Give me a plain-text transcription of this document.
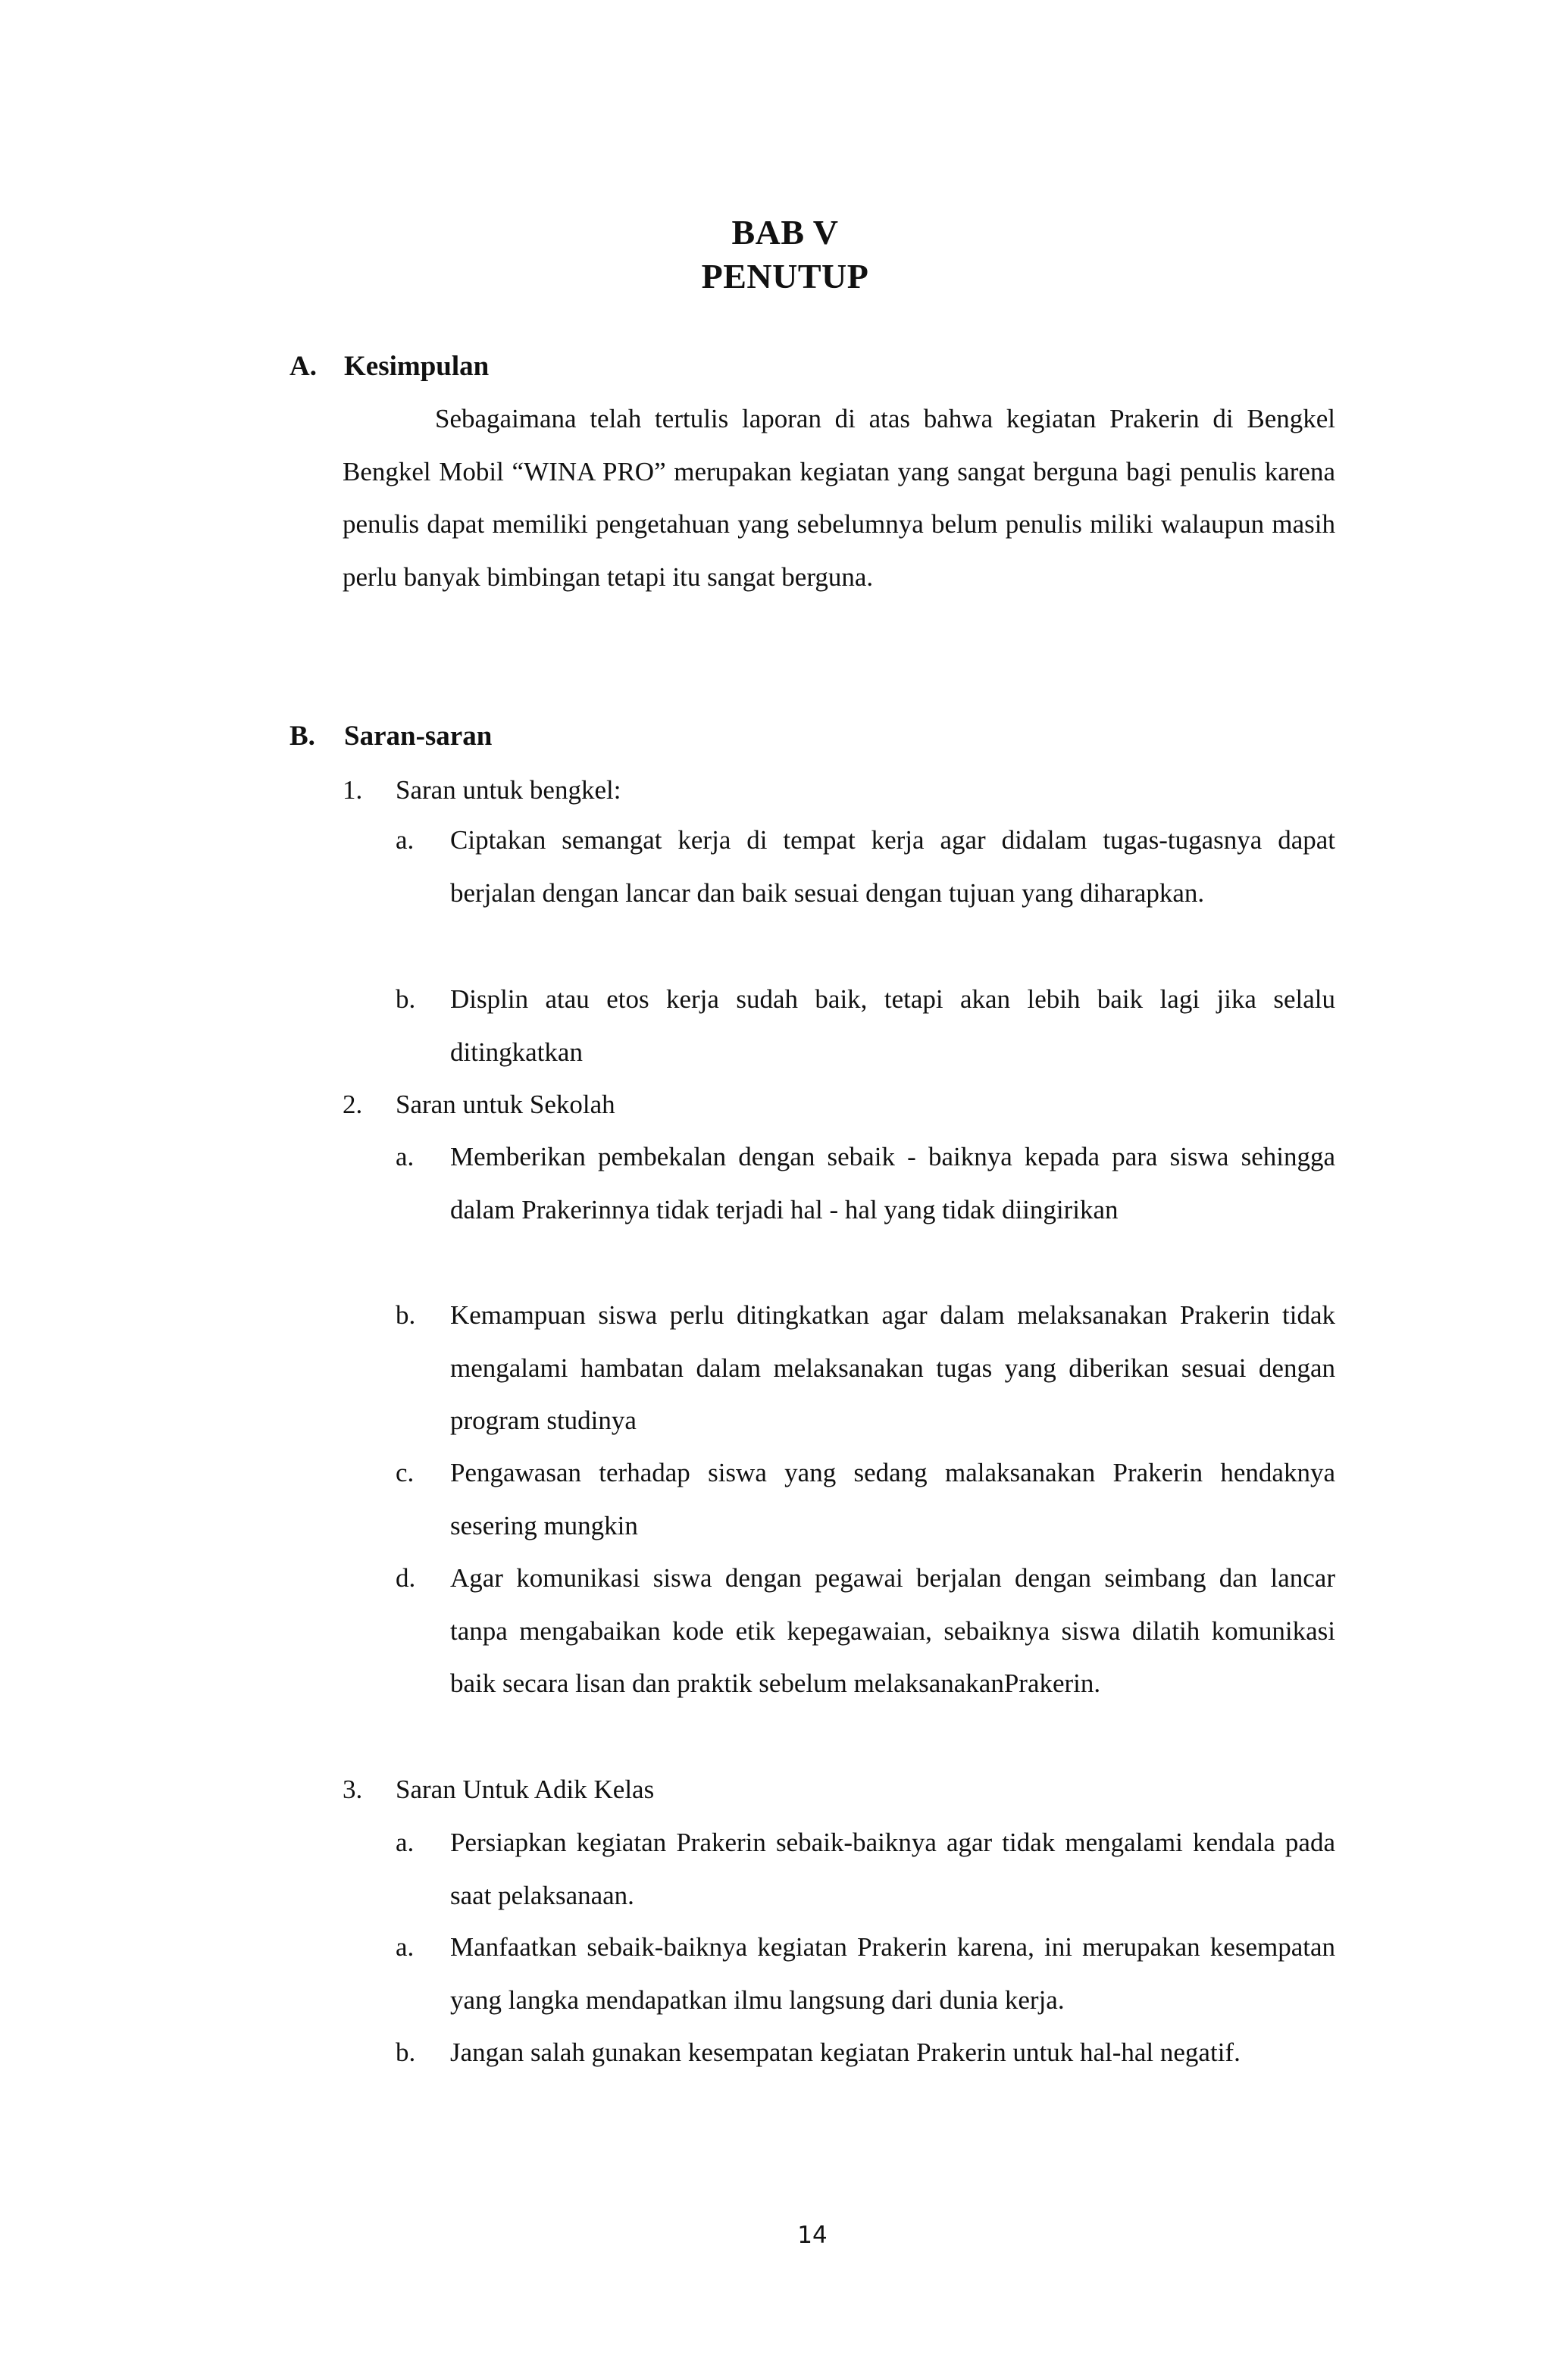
BAB V
PENUTUP
A. Kesimpulan

Sebagaimana telah tertulis laporan di atas bahwa kegiatan Prakerin di Bengkel Bengkel Mobil “WINA PRO” merupakan kegiatan yang sangat berguna bagi penulis karena penulis dapat memiliki pengetahuan yang sebelumnya belum penulis miliki walaupun masih perlu banyak bimbingan tetapi itu sangat berguna.

B. Saran-saran
1. Saran untuk bengkel:
a.	Ciptakan semangat kerja di tempat kerja agar didalam tugas-tugasnya dapat berjalan dengan lancar dan baik sesuai dengan tujuan yang diharapkan.
b.	Displin atau etos kerja sudah baik, tetapi akan lebih baik lagi jika selalu ditingkatkan
2. Saran untuk Sekolah
a.	Memberikan pembekalan dengan sebaik - baiknya kepada para siswa sehingga dalam Prakerinnya tidak terjadi hal - hal yang tidak diingirikan
b.	Kemampuan siswa perlu ditingkatkan agar dalam melaksanakan Prakerin tidak mengalami hambatan dalam melaksanakan tugas yang diberikan sesuai dengan program studinya
c.	Pengawasan terhadap siswa yang sedang malaksanakan Prakerin hendaknya sesering mungkin
d.	Agar komunikasi siswa dengan pegawai berjalan dengan seimbang dan lancar tanpa mengabaikan kode etik kepegawaian, sebaiknya siswa dilatih komunikasi baik secara lisan dan praktik sebelum melaksanakanPrakerin.
3. Saran Untuk Adik Kelas
a.	Persiapkan kegiatan Prakerin sebaik-baiknya agar tidak mengalami kendala pada saat pelaksanaan.
a.	Manfaatkan sebaik-baiknya kegiatan Prakerin karena, ini merupakan kesempatan yang langka mendapatkan ilmu langsung dari dunia kerja.
b.	Jangan salah gunakan kesempatan kegiatan Prakerin untuk hal-hal negatif.
14
